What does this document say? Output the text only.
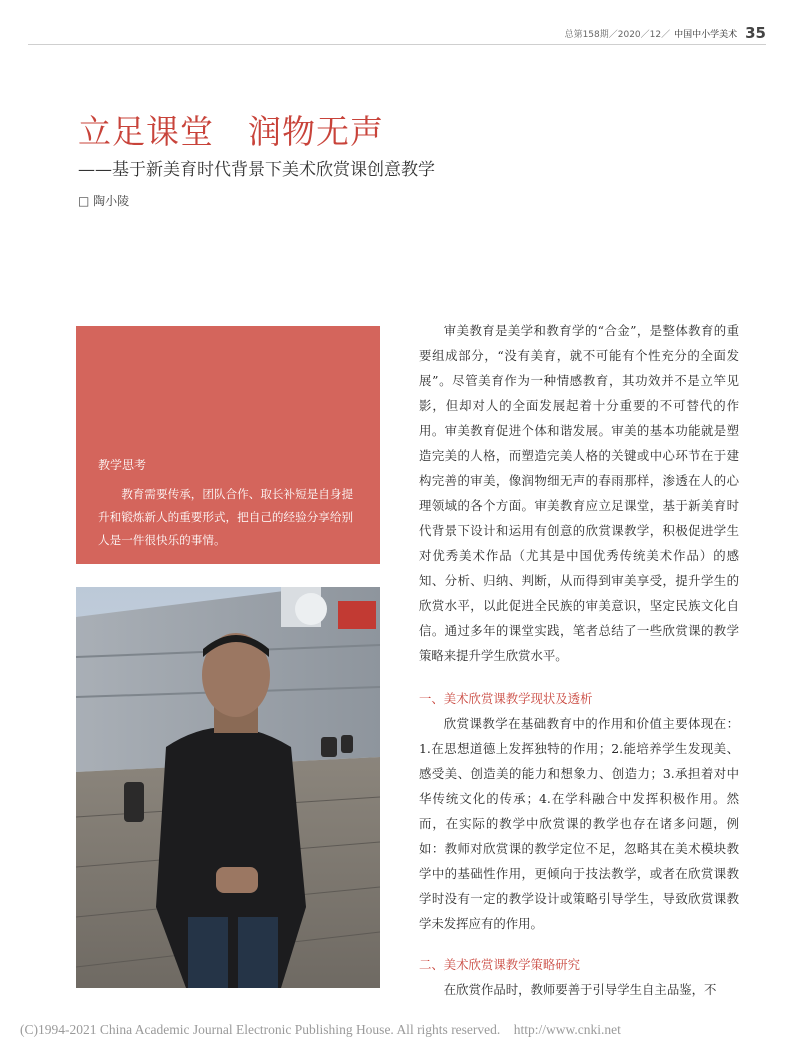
总第158期／2020／12／ 中国中小学美术 35
立足课堂　润物无声
——基于新美育时代背景下美术欣赏课创意教学
□ 陶小陵
教学思考
教育需要传承，团队合作、取长补短是自身提升和锻炼新人的重要形式，把自己的经验分享给别人是一件很快乐的事情。

审美教育是美学和教育学的“合金”，是整体教育的重要组成部分，“没有美育，就不可能有个性充分的全面发展”。尽管美育作为一种情感教育，其功效并不是立竿见影，但却对人的全面发展起着十分重要的不可替代的作用。审美教育促进个体和谐发展。审美的基本功能就是塑造完美的人格，而塑造完美人格的关键或中心环节在于建构完善的审美，像润物细无声的春雨那样，渗透在人的心理领域的各个方面。审美教育应立足课堂，基于新美育时代背景下设计和运用有创意的欣赏课教学，积极促进学生对优秀美术作品（尤其是中国优秀传统美术作品）的感知、分析、归纳、判断，从而得到审美享受，提升学生的欣赏水平，以此促进全民族的审美意识，坚定民族文化自信。通过多年的课堂实践，笔者总结了一些欣赏课的教学策略来提升学生欣赏水平。

一、美术欣赏课教学现状及透析

欣赏课教学在基础教育中的作用和价值主要体现在：1.在思想道德上发挥独特的作用；2.能培养学生发现美、感受美、创造美的能力和想象力、创造力；3.承担着对中华传统文化的传承；4.在学科融合中发挥积极作用。然而，在实际的教学中欣赏课的教学也存在诸多问题，例如：教师对欣赏课的教学定位不足，忽略其在美术模块教学中的基础性作用，更倾向于技法教学，或者在欣赏课教学时没有一定的教学设计或策略引导学生，导致欣赏课教学未发挥应有的作用。

二、美术欣赏课教学策略研究

在欣赏作品时，教师要善于引导学生自主品鉴，不

(C)1994-2021 China Academic Journal Electronic Publishing House. All rights reserved.    http://www.cnki.net
